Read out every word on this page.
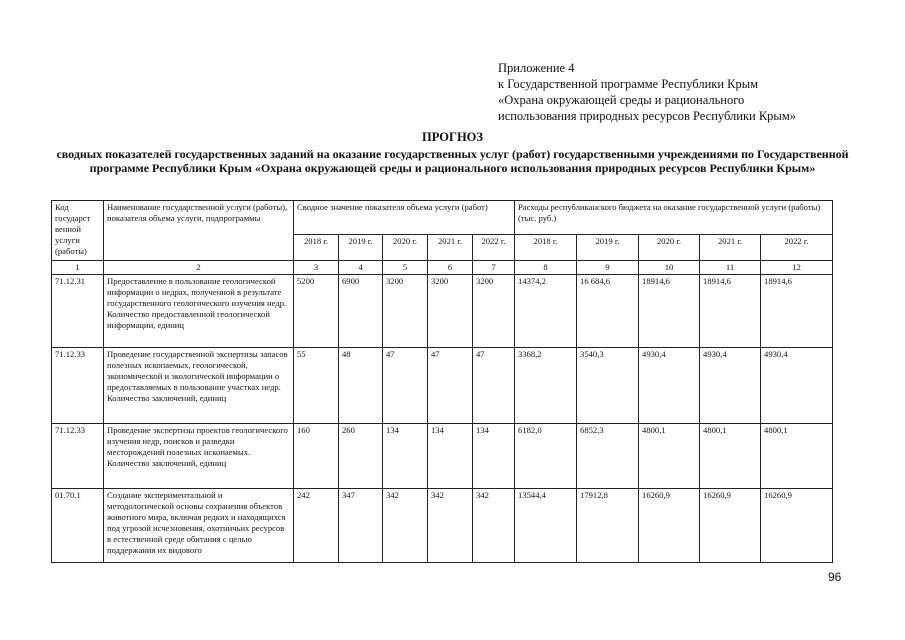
Приложение 4
к Государственной программе Республики Крым
«Охрана окружающей среды и рационального
использования природных ресурсов Республики Крым»
ПРОГНОЗ
сводных показателей государственных заданий на оказание государственных услуг (работ) государственными учреждениями по Государственной программе Республики Крым «Охрана окружающей среды и рационального использования природных ресурсов Республики Крым»
Код государст венной услуги (работы)	Наименование государственной услуги (работы), показателя объема услуги, подпрограммы	Сводное значение показателя объема услуги (работ)					Расходы республиканского бюджета на оказание государственной услуги (работы) (тыс. руб.)				
		2018 г.	2019 г.	2020 г.	2021 г.	2022 г.	2018 г.	2019 г.	2020 г.	2021 г.	2022 г.
1	2	3	4	5	6	7	8	9	10	11	12
71.12.31	Предоставление в пользование геологической информации о недрах, полученной в результате государственного геологического изучения недр. Количество предоставленной геологической информации, единиц	5200	6900	3200	3200	3200	14374,2	16 684,6	18914,6	18914,6	18914,6
71.12.33	Проведение государственной экспертизы запасов полезных ископаемых, геологической, экономической и экологической информации о предоставляемых в пользование участках недр. Количество заключений, единиц	55	48	47	47	47	3368,2	3540,3	4930,4	4930,4	4930,4
71.12.33	Проведение экспертизы проектов геологического изучения недр, поисков и разведки месторождений полезных ископаемых. Количество заключений, единиц	160	260	134	134	134	6182,0	6852,3	4800,1	4800,1	4800,1
01.70.1	Создание экспериментальной и методологической основы сохранения объектов животного мира, включая редких и находящихся под угрозой исчезновения, охотничьих ресурсов в естественной среде обитания с целью поддержания их видового	242	347	342	342	342	13544,4	17912,8	16260,9	16260,9	16260,9
96
